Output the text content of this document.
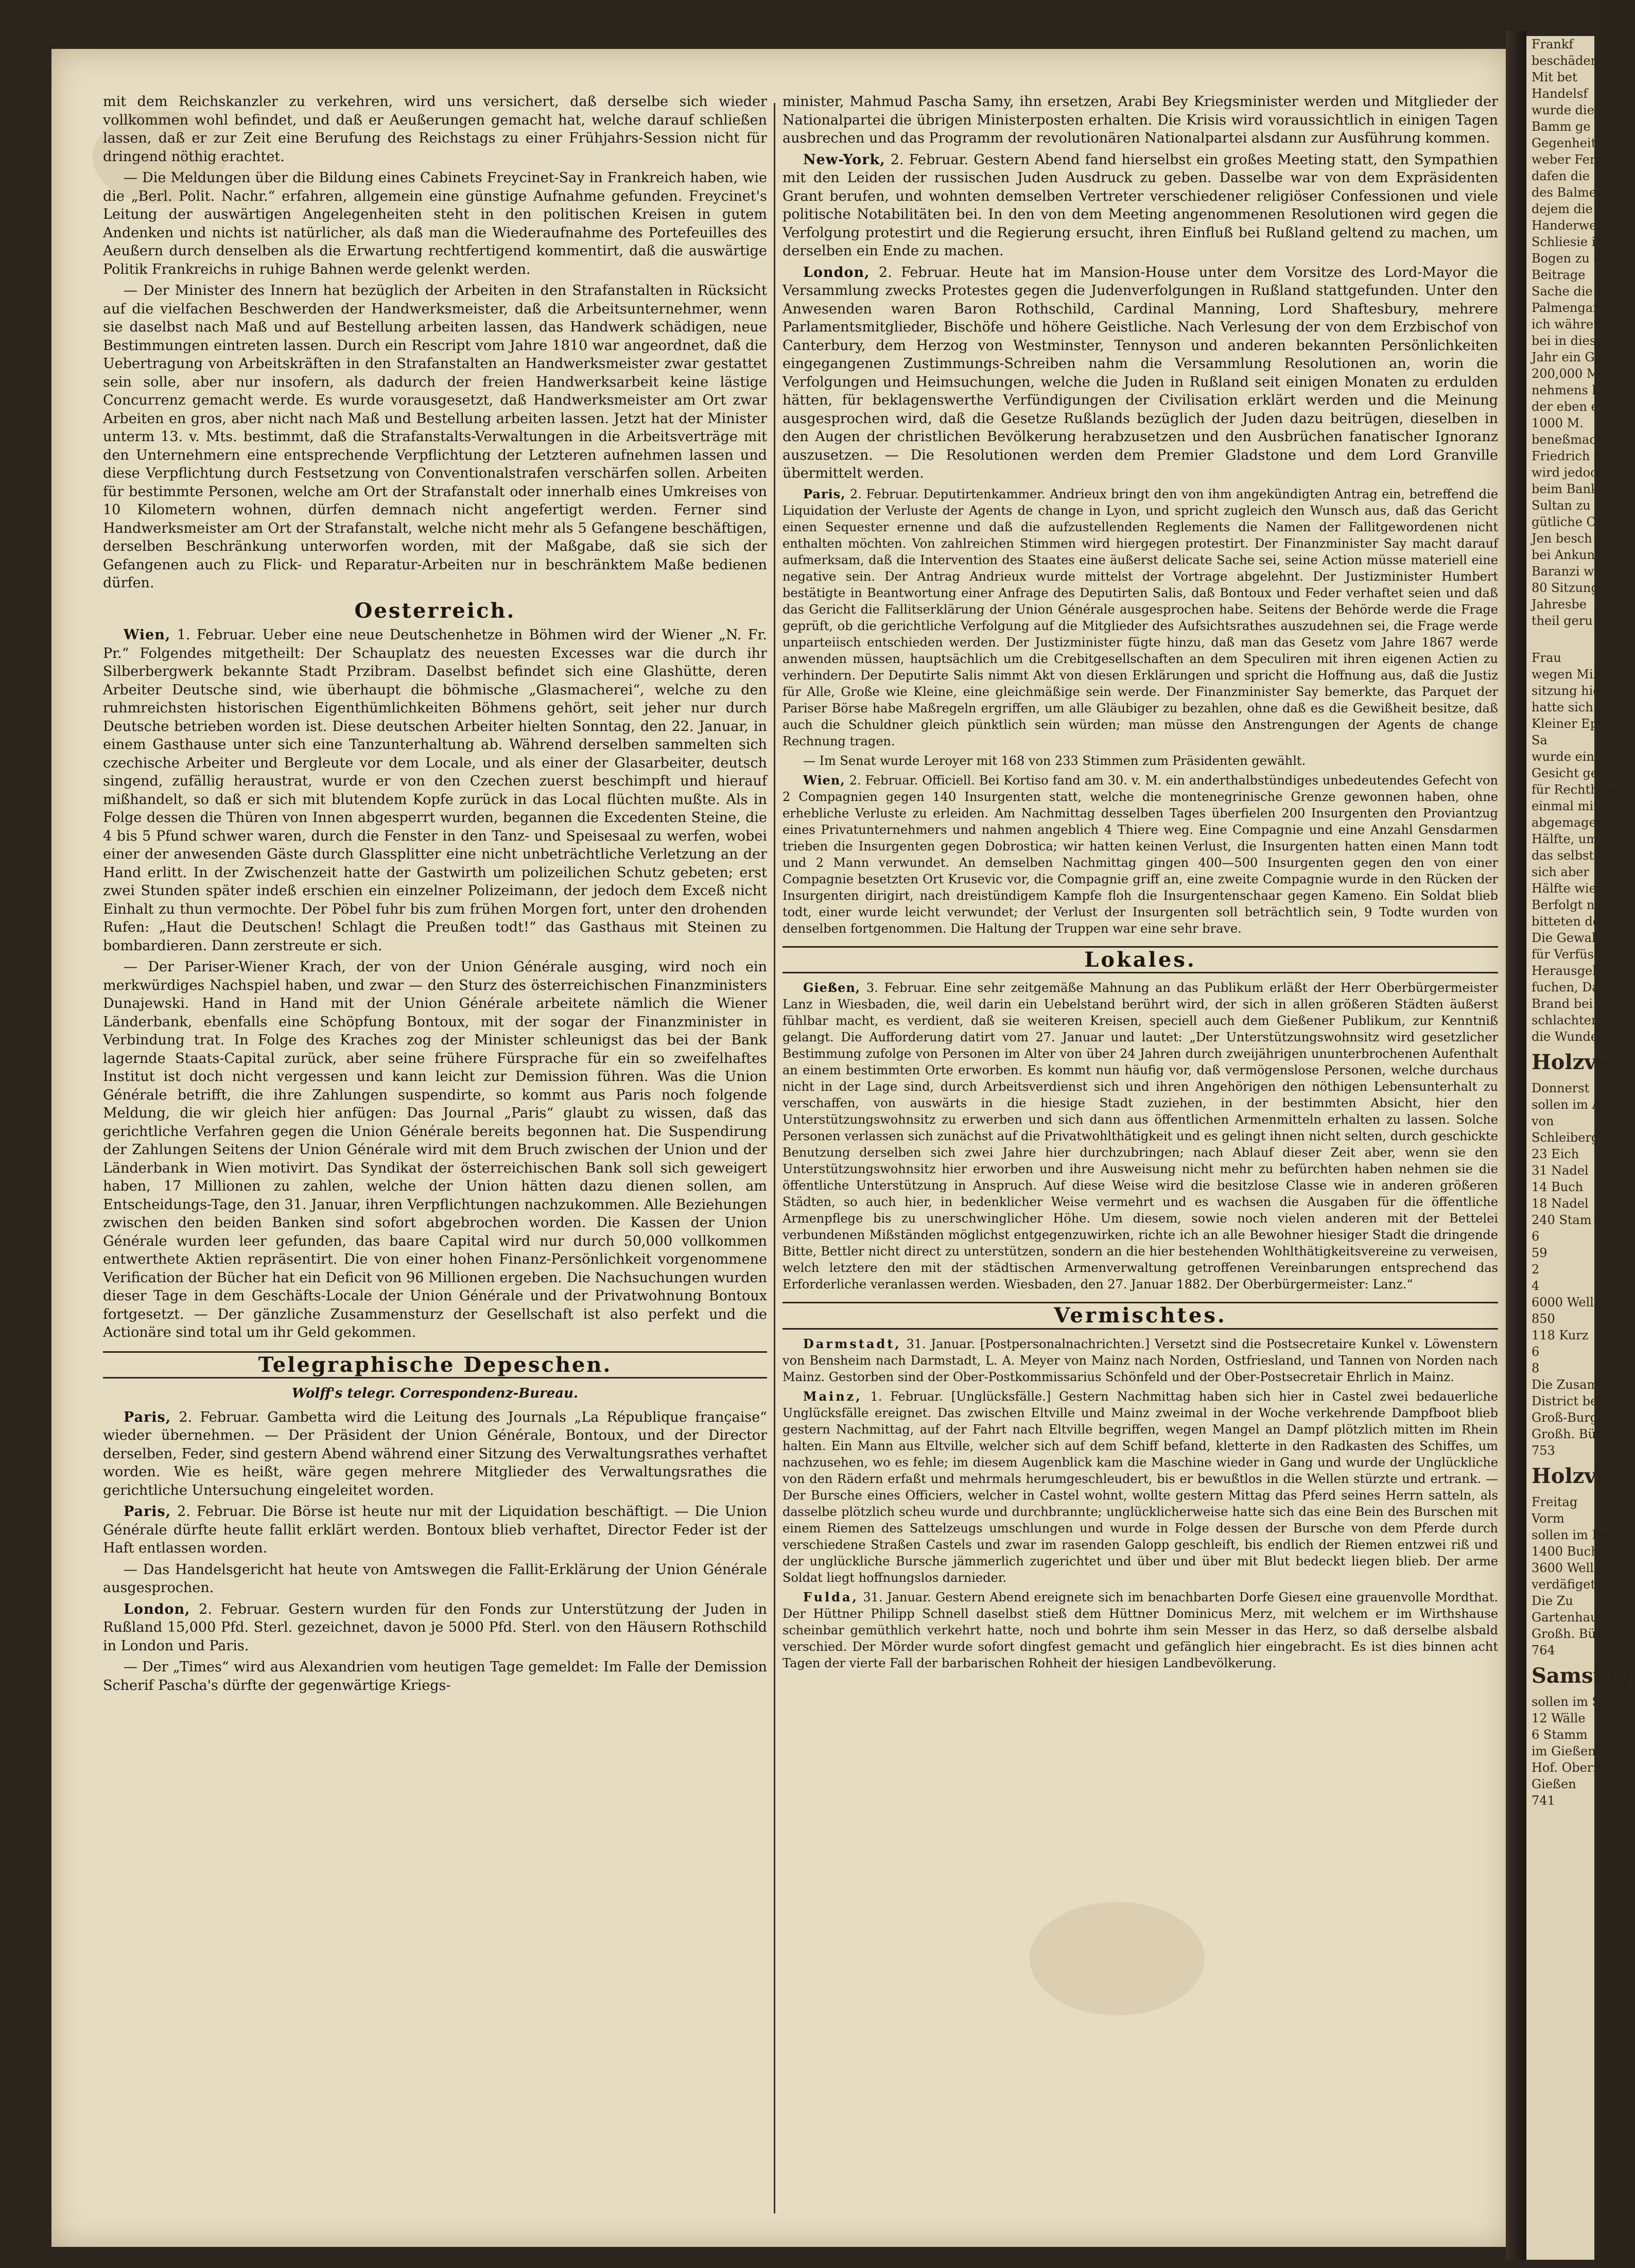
mit dem Reichskanzler zu verkehren, wird uns versichert, daß derselbe sich wieder vollkommen wohl befindet, und daß er Aeußerungen gemacht hat, welche darauf schließen lassen, daß er zur Zeit eine Berufung des Reichstags zu einer Frühjahrs-Session nicht für dringend nöthig erachtet.

— Die Meldungen über die Bildung eines Cabinets Freycinet-Say in Frankreich haben, wie die „Berl. Polit. Nachr.“ erfahren, allgemein eine günstige Aufnahme gefunden. Freycinet's Leitung der auswärtigen Angelegenheiten steht in den politischen Kreisen in gutem Andenken und nichts ist natürlicher, als daß man die Wiederaufnahme des Portefeuilles des Aeußern durch denselben als die Erwartung rechtfertigend kommentirt, daß die auswärtige Politik Frankreichs in ruhige Bahnen werde gelenkt werden.

— Der Minister des Innern hat bezüglich der Arbeiten in den Strafanstalten in Rücksicht auf die vielfachen Beschwerden der Handwerksmeister, daß die Arbeitsunternehmer, wenn sie daselbst nach Maß und auf Bestellung arbeiten lassen, das Handwerk schädigen, neue Bestimmungen eintreten lassen. Durch ein Rescript vom Jahre 1810 war angeordnet, daß die Uebertragung von Arbeitskräften in den Strafanstalten an Handwerksmeister zwar gestattet sein solle, aber nur insofern, als dadurch der freien Handwerksarbeit keine lästige Concurrenz gemacht werde. Es wurde vorausgesetzt, daß Handwerksmeister am Ort zwar Arbeiten en gros, aber nicht nach Maß und Bestellung arbeiten lassen. Jetzt hat der Minister unterm 13. v. Mts. bestimmt, daß die Strafanstalts-Verwaltungen in die Arbeitsverträge mit den Unternehmern eine entsprechende Verpflichtung der Letzteren aufnehmen lassen und diese Verpflichtung durch Festsetzung von Conventionalstrafen verschärfen sollen. Arbeiten für bestimmte Personen, welche am Ort der Strafanstalt oder innerhalb eines Umkreises von 10 Kilometern wohnen, dürfen demnach nicht angefertigt werden. Ferner sind Handwerksmeister am Ort der Strafanstalt, welche nicht mehr als 5 Gefangene beschäftigen, derselben Beschränkung unterworfen worden, mit der Maßgabe, daß sie sich der Gefangenen auch zu Flick- und Reparatur-Arbeiten nur in beschränktem Maße bedienen dürfen.

Oesterreich.

Wien, 1. Februar. Ueber eine neue Deutschenhetze in Böhmen wird der Wiener „N. Fr. Pr.“ Folgendes mitgetheilt: Der Schauplatz des neuesten Excesses war die durch ihr Silberbergwerk bekannte Stadt Przibram. Daselbst befindet sich eine Glashütte, deren Arbeiter Deutsche sind, wie überhaupt die böhmische „Glasmacherei“, welche zu den ruhmreichsten historischen Eigenthümlichkeiten Böhmens gehört, seit jeher nur durch Deutsche betrieben worden ist. Diese deutschen Arbeiter hielten Sonntag, den 22. Januar, in einem Gasthause unter sich eine Tanzunterhaltung ab. Während derselben sammelten sich czechische Arbeiter und Bergleute vor dem Locale, und als einer der Glasarbeiter, deutsch singend, zufällig heraustrat, wurde er von den Czechen zuerst beschimpft und hierauf mißhandelt, so daß er sich mit blutendem Kopfe zurück in das Local flüchten mußte. Als in Folge dessen die Thüren von Innen abgesperrt wurden, begannen die Excedenten Steine, die 4 bis 5 Pfund schwer waren, durch die Fenster in den Tanz- und Speisesaal zu werfen, wobei einer der anwesenden Gäste durch Glassplitter eine nicht unbeträchtliche Verletzung an der Hand erlitt. In der Zwischenzeit hatte der Gastwirth um polizeilichen Schutz gebeten; erst zwei Stunden später indeß erschien ein einzelner Polizeimann, der jedoch dem Exceß nicht Einhalt zu thun vermochte. Der Pöbel fuhr bis zum frühen Morgen fort, unter den drohenden Rufen: „Haut die Deutschen! Schlagt die Preußen todt!“ das Gasthaus mit Steinen zu bombardieren. Dann zerstreute er sich.

— Der Pariser-Wiener Krach, der von der Union Générale ausging, wird noch ein merkwürdiges Nachspiel haben, und zwar — den Sturz des österreichischen Finanzministers Dunajewski. Hand in Hand mit der Union Générale arbeitete nämlich die Wiener Länderbank, ebenfalls eine Schöpfung Bontoux, mit der sogar der Finanzminister in Verbindung trat. In Folge des Kraches zog der Minister schleunigst das bei der Bank lagernde Staats-Capital zurück, aber seine frühere Fürsprache für ein so zweifelhaftes Institut ist doch nicht vergessen und kann leicht zur Demission führen. Was die Union Générale betrifft, die ihre Zahlungen suspendirte, so kommt aus Paris noch folgende Meldung, die wir gleich hier anfügen: Das Journal „Paris“ glaubt zu wissen, daß das gerichtliche Verfahren gegen die Union Générale bereits begonnen hat. Die Suspendirung der Zahlungen Seitens der Union Générale wird mit dem Bruch zwischen der Union und der Länderbank in Wien motivirt. Das Syndikat der österreichischen Bank soll sich geweigert haben, 17 Millionen zu zahlen, welche der Union hätten dazu dienen sollen, am Entscheidungs-Tage, den 31. Januar, ihren Verpflichtungen nachzukommen. Alle Beziehungen zwischen den beiden Banken sind sofort abgebrochen worden. Die Kassen der Union Générale wurden leer gefunden, das baare Capital wird nur durch 50,000 vollkommen entwerthete Aktien repräsentirt. Die von einer hohen Finanz-Persönlichkeit vorgenommene Verification der Bücher hat ein Deficit von 96 Millionen ergeben. Die Nachsuchungen wurden dieser Tage in dem Geschäfts-Locale der Union Générale und der Privatwohnung Bontoux fortgesetzt. — Der gänzliche Zusammensturz der Gesellschaft ist also perfekt und die Actionäre sind total um ihr Geld gekommen.

Telegraphische Depeschen.
Wolff's telegr. Correspondenz-Bureau.

Paris, 2. Februar. Gambetta wird die Leitung des Journals „La République française“ wieder übernehmen. — Der Präsident der Union Générale, Bontoux, und der Director derselben, Feder, sind gestern Abend während einer Sitzung des Verwaltungsrathes verhaftet worden. Wie es heißt, wäre gegen mehrere Mitglieder des Verwaltungsrathes die gerichtliche Untersuchung eingeleitet worden.

Paris, 2. Februar. Die Börse ist heute nur mit der Liquidation beschäftigt. — Die Union Générale dürfte heute fallit erklärt werden. Bontoux blieb verhaftet, Director Feder ist der Haft entlassen worden.

— Das Handelsgericht hat heute von Amtswegen die Fallit-Erklärung der Union Générale ausgesprochen.

London, 2. Februar. Gestern wurden für den Fonds zur Unterstützung der Juden in Rußland 15,000 Pfd. Sterl. gezeichnet, davon je 5000 Pfd. Sterl. von den Häusern Rothschild in London und Paris.

— Der „Times“ wird aus Alexandrien vom heutigen Tage gemeldet: Im Falle der Demission Scherif Pascha's dürfte der gegenwärtige Kriegs-

minister, Mahmud Pascha Samy, ihn ersetzen, Arabi Bey Kriegsminister werden und Mitglieder der Nationalpartei die übrigen Ministerposten erhalten. Die Krisis wird voraussichtlich in einigen Tagen ausbrechen und das Programm der revolutionären Nationalpartei alsdann zur Ausführung kommen.

New-York, 2. Februar. Gestern Abend fand hierselbst ein großes Meeting statt, den Sympathien mit den Leiden der russischen Juden Ausdruck zu geben. Dasselbe war von dem Expräsidenten Grant berufen, und wohnten demselben Vertreter verschiedener religiöser Confessionen und viele politische Notabilitäten bei. In den von dem Meeting angenommenen Resolutionen wird gegen die Verfolgung protestirt und die Regierung ersucht, ihren Einfluß bei Rußland geltend zu machen, um derselben ein Ende zu machen.

London, 2. Februar. Heute hat im Mansion-House unter dem Vorsitze des Lord-Mayor die Versammlung zwecks Protestes gegen die Judenverfolgungen in Rußland stattgefunden. Unter den Anwesenden waren Baron Rothschild, Cardinal Manning, Lord Shaftesbury, mehrere Parlamentsmitglieder, Bischöfe und höhere Geistliche. Nach Verlesung der von dem Erzbischof von Canterbury, dem Herzog von Westminster, Tennyson und anderen bekannten Persönlichkeiten eingegangenen Zustimmungs-Schreiben nahm die Versammlung Resolutionen an, worin die Verfolgungen und Heimsuchungen, welche die Juden in Rußland seit einigen Monaten zu erdulden hätten, für beklagenswerthe Verfündigungen der Civilisation erklärt werden und die Meinung ausgesprochen wird, daß die Gesetze Rußlands bezüglich der Juden dazu beitrügen, dieselben in den Augen der christlichen Bevölkerung herabzusetzen und den Ausbrüchen fanatischer Ignoranz auszusetzen. — Die Resolutionen werden dem Premier Gladstone und dem Lord Granville übermittelt werden.

Paris, 2. Februar. Deputirtenkammer. Andrieux bringt den von ihm angekündigten Antrag ein, betreffend die Liquidation der Verluste der Agents de change in Lyon, und spricht zugleich den Wunsch aus, daß das Gericht einen Sequester ernenne und daß die aufzustellenden Reglements die Namen der Fallitgewordenen nicht enthalten möchten. Von zahlreichen Stimmen wird hiergegen protestirt. Der Finanzminister Say macht darauf aufmerksam, daß die Intervention des Staates eine äußerst delicate Sache sei, seine Action müsse materiell eine negative sein. Der Antrag Andrieux wurde mittelst der Vortrage abgelehnt. Der Justizminister Humbert bestätigte in Beantwortung einer Anfrage des Deputirten Salis, daß Bontoux und Feder verhaftet seien und daß das Gericht die Fallitserklärung der Union Générale ausgesprochen habe. Seitens der Behörde werde die Frage geprüft, ob die gerichtliche Verfolgung auf die Mitglieder des Aufsichtsrathes auszudehnen sei, die Frage werde unparteiisch entschieden werden. Der Justizminister fügte hinzu, daß man das Gesetz vom Jahre 1867 werde anwenden müssen, hauptsächlich um die Crebitgesellschaften an dem Speculiren mit ihren eigenen Actien zu verhindern. Der Deputirte Salis nimmt Akt von diesen Erklärungen und spricht die Hoffnung aus, daß die Justiz für Alle, Große wie Kleine, eine gleichmäßige sein werde. Der Finanzminister Say bemerkte, das Parquet der Pariser Börse habe Maßregeln ergriffen, um alle Gläubiger zu bezahlen, ohne daß es die Gewißheit besitze, daß auch die Schuldner gleich pünktlich sein würden; man müsse den Anstrengungen der Agents de change Rechnung tragen.

— Im Senat wurde Leroyer mit 168 von 233 Stimmen zum Präsidenten gewählt.

Wien, 2. Februar. Officiell. Bei Kortiso fand am 30. v. M. ein anderthalbstündiges unbedeutendes Gefecht von 2 Compagnien gegen 140 Insurgenten statt, welche die montenegrinische Grenze gewonnen haben, ohne erhebliche Verluste zu erleiden. Am Nachmittag desselben Tages überfielen 200 Insurgenten den Proviantzug eines Privatunternehmers und nahmen angeblich 4 Thiere weg. Eine Compagnie und eine Anzahl Gensdarmen trieben die Insurgenten gegen Dobrostica; wir hatten keinen Verlust, die Insurgenten hatten einen Mann todt und 2 Mann verwundet. An demselben Nachmittag gingen 400—500 Insurgenten gegen den von einer Compagnie besetzten Ort Krusevic vor, die Compagnie griff an, eine zweite Compagnie wurde in den Rücken der Insurgenten dirigirt, nach dreistündigem Kampfe floh die Insurgentenschaar gegen Kameno. Ein Soldat blieb todt, einer wurde leicht verwundet; der Verlust der Insurgenten soll beträchtlich sein, 9 Todte wurden von denselben fortgenommen. Die Haltung der Truppen war eine sehr brave.

Lokales.

Gießen, 3. Februar. Eine sehr zeitgemäße Mahnung an das Publikum erläßt der Herr Oberbürgermeister Lanz in Wiesbaden, die, weil darin ein Uebelstand berührt wird, der sich in allen größeren Städten äußerst fühlbar macht, es verdient, daß sie weiteren Kreisen, speciell auch dem Gießener Publikum, zur Kenntniß gelangt. Die Aufforderung datirt vom 27. Januar und lautet: „Der Unterstützungswohnsitz wird gesetzlicher Bestimmung zufolge von Personen im Alter von über 24 Jahren durch zweijährigen ununterbrochenen Aufenthalt an einem bestimmten Orte erworben. Es kommt nun häufig vor, daß vermögenslose Personen, welche durchaus nicht in der Lage sind, durch Arbeitsverdienst sich und ihren Angehörigen den nöthigen Lebensunterhalt zu verschaffen, von auswärts in die hiesige Stadt zuziehen, in der bestimmten Absicht, hier den Unterstützungswohnsitz zu erwerben und sich dann aus öffentlichen Armenmitteln erhalten zu lassen. Solche Personen verlassen sich zunächst auf die Privatwohlthätigkeit und es gelingt ihnen nicht selten, durch geschickte Benutzung derselben sich zwei Jahre hier durchzubringen; nach Ablauf dieser Zeit aber, wenn sie den Unterstützungswohnsitz hier erworben und ihre Ausweisung nicht mehr zu befürchten haben nehmen sie die öffentliche Unterstützung in Anspruch. Auf diese Weise wird die besitzlose Classe wie in anderen größeren Städten, so auch hier, in bedenklicher Weise vermehrt und es wachsen die Ausgaben für die öffentliche Armenpflege bis zu unerschwinglicher Höhe. Um diesem, sowie noch vielen anderen mit der Bettelei verbundenen Mißständen möglichst entgegenzuwirken, richte ich an alle Bewohner hiesiger Stadt die dringende Bitte, Bettler nicht direct zu unterstützen, sondern an die hier bestehenden Wohlthätigkeitsvereine zu verweisen, welch letztere den mit der städtischen Armenverwaltung getroffenen Vereinbarungen entsprechend das Erforderliche veranlassen werden. Wiesbaden, den 27. Januar 1882. Der Oberbürgermeister: Lanz.“

Vermischtes.

Darmstadt, 31. Januar. [Postpersonalnachrichten.] Versetzt sind die Postsecretaire Kunkel v. Löwenstern von Bensheim nach Darmstadt, L. A. Meyer von Mainz nach Norden, Ostfriesland, und Tannen von Norden nach Mainz. Gestorben sind der Ober-Postkommissarius Schönfeld und der Ober-Postsecretair Ehrlich in Mainz.

Mainz, 1. Februar. [Unglücksfälle.] Gestern Nachmittag haben sich hier in Castel zwei bedauerliche Unglücksfälle ereignet. Das zwischen Eltville und Mainz zweimal in der Woche verkehrende Dampfboot blieb gestern Nachmittag, auf der Fahrt nach Eltville begriffen, wegen Mangel an Dampf plötzlich mitten im Rhein halten. Ein Mann aus Eltville, welcher sich auf dem Schiff befand, kletterte in den Radkasten des Schiffes, um nachzusehen, wo es fehle; im diesem Augenblick kam die Maschine wieder in Gang und wurde der Unglückliche von den Rädern erfaßt und mehrmals herumgeschleudert, bis er bewußtlos in die Wellen stürzte und ertrank. — Der Bursche eines Officiers, welcher in Castel wohnt, wollte gestern Mittag das Pferd seines Herrn satteln, als dasselbe plötzlich scheu wurde und durchbrannte; unglücklicherweise hatte sich das eine Bein des Burschen mit einem Riemen des Sattelzeugs umschlungen und wurde in Folge dessen der Bursche von dem Pferde durch verschiedene Straßen Castels und zwar im rasenden Galopp geschleift, bis endlich der Riemen entzwei riß und der unglückliche Bursche jämmerlich zugerichtet und über und über mit Blut bedeckt liegen blieb. Der arme Soldat liegt hoffnungslos darnieder.

Fulda, 31. Januar. Gestern Abend ereignete sich im benachbarten Dorfe Gieseл eine grauenvolle Mordthat. Der Hüttner Philipp Schnell daselbst stieß dem Hüttner Dominicus Merz, mit welchem er im Wirthshause scheinbar gemüthlich verkehrt hatte, noch und bohrte ihm sein Messer in das Herz, so daß derselbe alsbald verschied. Der Mörder wurde sofort dingfest gemacht und gefänglich hier eingebracht. Es ist dies binnen acht Tagen der vierte Fall der barbarischen Rohheit der hiesigen Landbevölkerung.

Frankf
beschäden
Mit bet
Handelsf
wurde die
Bamm ge
Gegenheit
weber Ferm
dafen die
des Balmengar
dejem die Ver
Handerweit
Schliesie ihre
Bogen zu den
Beitrage
Sache die Berm
Palmengart ne
ich während
bei in diesem
Jahr ein Ge
200,000 M.
nehmens bei
der eben er
1000 M.
beneßmachen
Friedrich Mi
wird jedoch
beim Bank
Sultan zu
gütliche Ort
Jen besch
bei Ankunft
Baranzi wi
80 Sitzung
Jahresbe
theil geru Ver
Frau
wegen Mißh
sitzung hier
hatte sich
Kleiner Ep
Sa
wurde ein
Gesicht gesamm
für Rechthabe
einmal mit
abgemagerter
Hälfte, um
das selbst ein
sich aber
Hälfte wie
Berfolgt nu
bitteten der
Die Gewaltschei
für Verfüssen
Herausgeb
fuchen, Darm
Brand bei
schlachten
die Wunde
Holzve
Donnerst
sollen im Ab
von
Schleiberg
23 Eich
31 Nadel
14 Buch
18 Nadel
240 Stam
6
59
2
4
6000 Well
850
118 Kurz
6
8
Die Zusamm
District bei
Groß-Burg
Großh. Bürg
753
Holzve
Freitag
Vorm
sollen im Ber
1400 Buchen
3600 Well
verdäfiget m
Die Zu
Gartenhaus
Großh. Bürg
764
Samstag
sollen im Sa
12 Wälle
6 Stamm
im Gießen
Hof. Obernh
Gießen
741
